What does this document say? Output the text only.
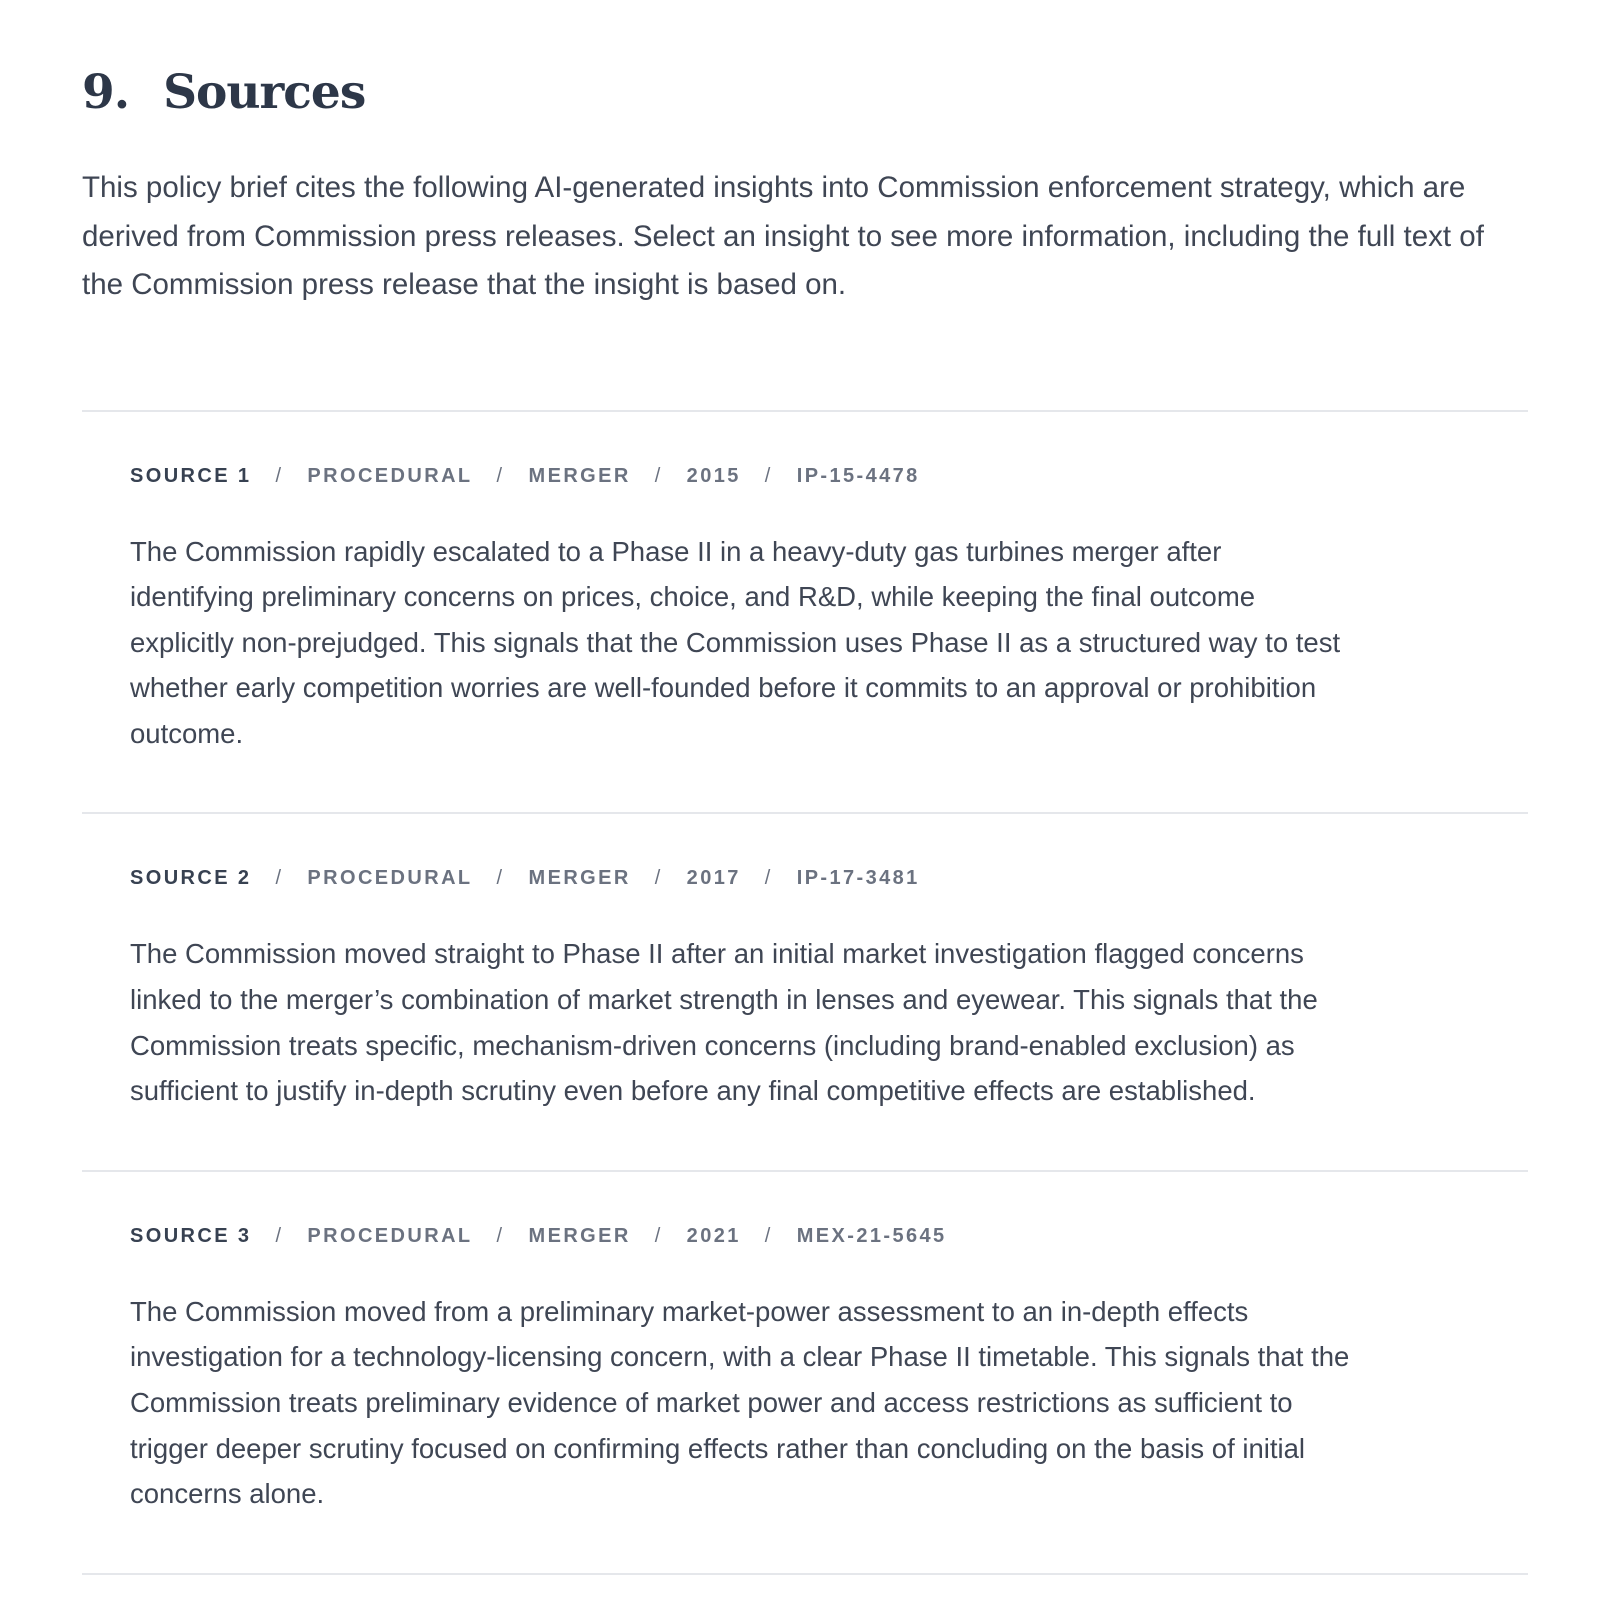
9. Sources

This policy brief cites the following AI-generated insights into Commission enforcement strategy, which are derived from Commission press releases. Select an insight to see more information, including the full text of the Commission press release that the insight is based on.

SOURCE 1 / PROCEDURAL / MERGER / 2015 / IP-15-4478

The Commission rapidly escalated to a Phase II in a heavy-duty gas turbines merger after identifying preliminary concerns on prices, choice, and R&D, while keeping the final outcome explicitly non-prejudged. This signals that the Commission uses Phase II as a structured way to test whether early competition worries are well-founded before it commits to an approval or prohibition outcome.

SOURCE 2 / PROCEDURAL / MERGER / 2017 / IP-17-3481

The Commission moved straight to Phase II after an initial market investigation flagged concerns linked to the merger’s combination of market strength in lenses and eyewear. This signals that the Commission treats specific, mechanism-driven concerns (including brand-enabled exclusion) as sufficient to justify in-depth scrutiny even before any final competitive effects are established.

SOURCE 3 / PROCEDURAL / MERGER / 2021 / MEX-21-5645

The Commission moved from a preliminary market-power assessment to an in-depth effects investigation for a technology-licensing concern, with a clear Phase II timetable. This signals that the Commission treats preliminary evidence of market power and access restrictions as sufficient to trigger deeper scrutiny focused on confirming effects rather than concluding on the basis of initial concerns alone.
